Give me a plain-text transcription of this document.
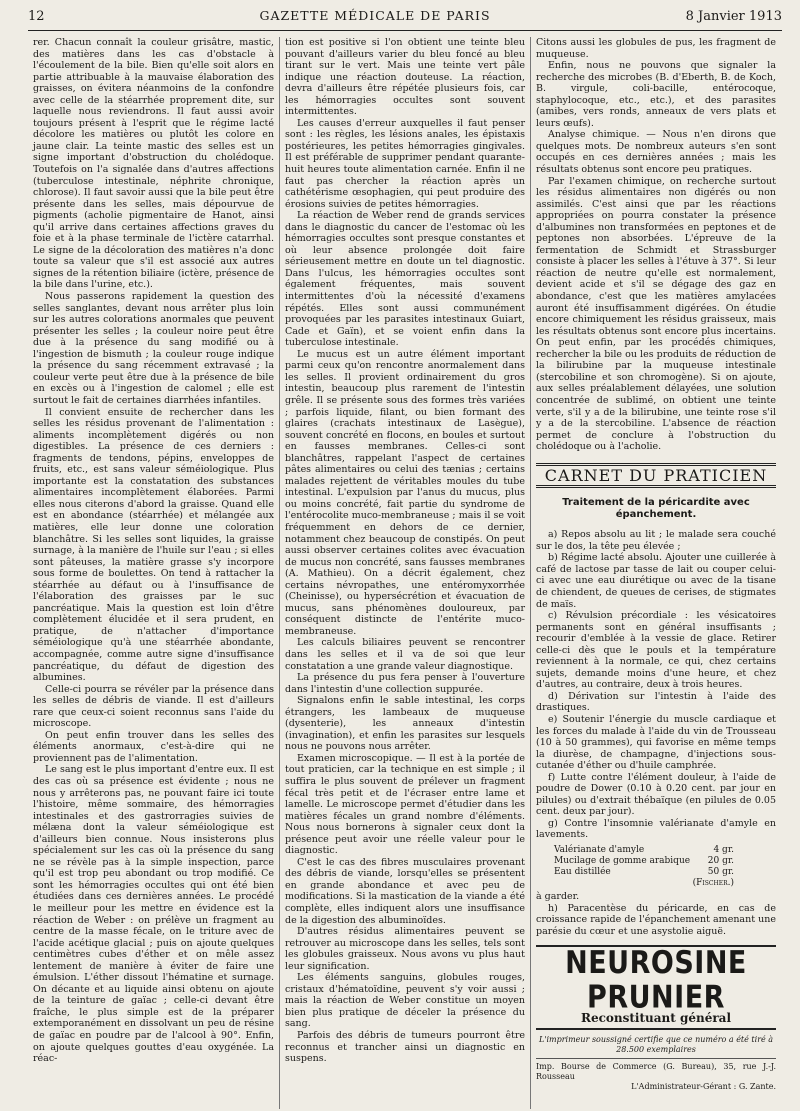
12	GAZETTE MÉDICALE DE PARIS	8 Janvier 1913

rer. Chacun connaît la couleur grisâtre, mastic, des matières dans les cas d'obstacle à l'écoulement de la bile. Bien qu'elle soit alors en partie attribuable à la mauvaise élaboration des graisses, on évitera néanmoins de la confondre avec celle de la stéarrhée proprement dite, sur laquelle nous reviendrons. Il faut aussi avoir toujours présent à l'esprit que le régime lacté décolore les matières ou plutôt les colore en jaune clair. La teinte mastic des selles est un signe important d'obstruction du cholédoque. Toutefois on l'a signalée dans d'autres affections (tuberculose intestinale, néphrite chronique, chlorose). Il faut savoir aussi que la bile peut être présente dans les selles, mais dépourvue de pigments (acholie pigmentaire de Hanot, ainsi qu'il arrive dans certaines affections graves du foie et à la phase terminale de l'ictère catarrhal. Le signe de la décoloration des matières n'a donc toute sa valeur que s'il est associé aux autres signes de la rétention biliaire (ictère, présence de la bile dans l'urine, etc.).

Nous passerons rapidement la question des selles sanglantes, devant nous arrêter plus loin sur les autres colorations anormales que peuvent présenter les selles ; la couleur noire peut être due à la présence du sang modifié ou à l'ingestion de bismuth ; la couleur rouge indique la présence du sang récemment extravasé ; la couleur verte peut être due à la présence de bile en excès ou à l'ingestion de calomel ; elle est surtout le fait de certaines diarrhées infantiles.

Il convient ensuite de rechercher dans les selles les résidus provenant de l'alimentation : aliments incomplètement digérés ou non digestibles. La présence de ces derniers : fragments de tendons, pépins, enveloppes de fruits, etc., est sans valeur séméiologique. Plus importante est la constatation des substances alimentaires incomplètement élaborées. Parmi elles nous citerons d'abord la graisse. Quand elle est en abondance (stéarrhée) et mélangée aux matières, elle leur donne une coloration blanchâtre. Si les selles sont liquides, la graisse surnage, à la manière de l'huile sur l'eau ; si elles sont pâteuses, la matière grasse s'y incorpore sous forme de boulettes. On tend à rattacher la stéarrhée au défaut ou à l'insuffisance de l'élaboration des graisses par le suc pancréatique. Mais la question est loin d'être complètement élucidée et il sera prudent, en pratique, de n'attacher d'importance séméiologique qu'à une stéarrhée abondante, accompagnée, comme autre signe d'insuffisance pancréatique, du défaut de digestion des albumines.

Celle-ci pourra se révéler par la présence dans les selles de débris de viande. Il est d'ailleurs rare que ceux-ci soient reconnus sans l'aide du microscope.

On peut enfin trouver dans les selles des éléments anormaux, c'est-à-dire qui ne proviennent pas de l'alimentation.

Le sang est le plus important d'entre eux. Il est des cas où sa présence est évidente ; nous ne nous y arrêterons pas, ne pouvant faire ici toute l'histoire, même sommaire, des hémorragies intestinales et des gastrorragies suivies de mélæna dont la valeur séméiologique est d'ailleurs bien connue. Nous insisterons plus spécialement sur les cas où la présence du sang ne se révèle pas à la simple inspection, parce qu'il est trop peu abondant ou trop modifié. Ce sont les hémorragies occultes qui ont été bien étudiées dans ces dernières années. Le procédé le meilleur pour les mettre en évidence est la réaction de Weber : on prélève un fragment au centre de la masse fécale, on le triture avec de l'acide acétique glacial ; puis on ajoute quelques centimètres cubes d'éther et on mêle assez lentement de manière à éviter de faire une émulsion. L'éther dissout l'hématine et surnage. On décante et au liquide ainsi obtenu on ajoute de la teinture de gaïac ; celle-ci devant être fraîche, le plus simple est de la préparer extemporanément en dissolvant un peu de résine de gaïac en poudre par de l'alcool à 90°. Enfin, on ajoute quelques gouttes d'eau oxygénée. La réac-

tion est positive si l'on obtient une teinte bleu pouvant d'ailleurs varier du bleu foncé au bleu tirant sur le vert. Mais une teinte vert pâle indique une réaction douteuse. La réaction, devra d'ailleurs être répétée plusieurs fois, car les hémorragies occultes sont souvent intermittentes.

Les causes d'erreur auxquelles il faut penser sont : les règles, les lésions anales, les épistaxis postérieures, les petites hémorragies gingivales. Il est préférable de supprimer pendant quarante-huit heures toute alimentation carnée. Enfin il ne faut pas chercher la réaction après un cathétérisme œsophagien, qui peut produire des érosions suivies de petites hémorragies.

La réaction de Weber rend de grands services dans le diagnostic du cancer de l'estomac où les hémorragies occultes sont presque constantes et où leur absence prolongée doit faire sérieusement mettre en doute un tel diagnostic. Dans l'ulcus, les hémorragies occultes sont également fréquentes, mais souvent intermittentes d'où la nécessité d'examens répétés. Elles sont aussi communément provoquées par les parasites intestinaux Guiart, Cade et Gaïn), et se voient enfin dans la tuberculose intestinale.

Le mucus est un autre élément important parmi ceux qu'on rencontre anormalement dans les selles. Il provient ordinairement du gros intestin, beaucoup plus rarement de l'intestin grêle. Il se présente sous des formes très variées ; parfois liquide, filant, ou bien formant des glaires (crachats intestinaux de Lasègue), souvent concrété en flocons, en boules et surtout en fausses membranes. Celles-ci sont blanchâtres, rappelant l'aspect de certaines pâtes alimentaires ou celui des tænias ; certains malades rejettent de véritables moules du tube intestinal. L'expulsion par l'anus du mucus, plus ou moins concrété, fait partie du syndrome de l'entérocolite muco-membraneuse ; mais il se voit fréquemment en dehors de ce dernier, notamment chez beaucoup de constipés. On peut aussi observer certaines colites avec évacuation de mucus non concrété, sans fausses membranes (A. Mathieu). On a décrit également, chez certains névropathes, une entéromyxorrhée (Cheinisse), ou hypersécrétion et évacuation de mucus, sans phénomènes douloureux, par conséquent distincte de l'entérite muco-membraneuse.

Les calculs biliaires peuvent se rencontrer dans les selles et il va de soi que leur constatation a une grande valeur diagnostique.

La présence du pus fera penser à l'ouverture dans l'intestin d'une collection suppurée.

Signalons enfin le sable intestinal, les corps étrangers, les lambeaux de muqueuse (dysenterie), les anneaux d'intestin (invagination), et enfin les parasites sur lesquels nous ne pouvons nous arrêter.

Examen microscopique. — Il est à la portée de tout praticien, car la technique en est simple ; il suffira le plus souvent de prélever un fragment fécal très petit et de l'écraser entre lame et lamelle. Le microscope permet d'étudier dans les matières fécales un grand nombre d'éléments. Nous nous bornerons à signaler ceux dont la présence peut avoir une réelle valeur pour le diagnostic.

C'est le cas des fibres musculaires provenant des débris de viande, lorsqu'elles se présentent en grande abondance et avec peu de modifications. Si la mastication de la viande a été complète, elles indiquent alors une insuffisance de la digestion des albuminoïdes.

D'autres résidus alimentaires peuvent se retrouver au microscope dans les selles, tels sont les globules graisseux. Nous avons vu plus haut leur signification.

Les éléments sanguins, globules rouges, cristaux d'hématoïdine, peuvent s'y voir aussi ; mais la réaction de Weber constitue un moyen bien plus pratique de déceler la présence du sang.

Parfois des débris de tumeurs pourront être reconnus et trancher ainsi un diagnostic en suspens.

Citons aussi les globules de pus, les fragment de muqueuse.

Enfin, nous ne pouvons que signaler la recherche des microbes (B. d'Eberth, B. de Koch, B. virgule, coli-bacille, entérocoque, staphylocoque, etc., etc.), et des parasites (amibes, vers ronds, anneaux de vers plats et leurs œufs).

Analyse chimique. — Nous n'en dirons que quelques mots. De nombreux auteurs s'en sont occupés en ces dernières années ; mais les résultats obtenus sont encore peu pratiques.

Par l'examen chimique, on recherche surtout les résidus alimentaires non digérés ou non assimilés. C'est ainsi que par les réactions appropriées on pourra constater la présence d'albumines non transformées en peptones et de peptones non absorbées. L'épreuve de la fermentation de Schmidt et Strassburger consiste à placer les selles à l'étuve à 37°. Si leur réaction de neutre qu'elle est normalement, devient acide et s'il se dégage des gaz en abondance, c'est que les matières amylacées auront été insuffisamment digérées. On étudie encore chimiquement les résidus graisseux, mais les résultats obtenus sont encore plus incertains. On peut enfin, par les procédés chimiques, rechercher la bile ou les produits de réduction de la bilirubine par la muqueuse intestinale (stercobiline et son chromogène). Si on ajoute, aux selles préalablement délayées, une solution concentrée de sublimé, on obtient une teinte verte, s'il y a de la bilirubine, une teinte rose s'il y a de la stercobiline. L'absence de réaction permet de conclure à l'obstruction du cholédoque ou à l'acholie.

CARNET DU PRATICIEN
Traitement de la péricardite avec épanchement.

a) Repos absolu au lit ; le malade sera couché sur le dos, la tête peu élevée ;

b) Régime lacté absolu. Ajouter une cuillerée à café de lactose par tasse de lait ou couper celui-ci avec une eau diurétique ou avec de la tisane de chiendent, de queues de cerises, de stigmates de maïs.

c) Révulsion précordiale : les vésicatoires permanents sont en général insuffisants ; recourir d'emblée à la vessie de glace. Retirer celle-ci dès que le pouls et la température reviennent à la normale, ce qui, chez certains sujets, demande moins d'une heure, et chez d'autres, au contraire, deux à trois heures.

d) Dérivation sur l'intestin à l'aide des drastiques.

e) Soutenir l'énergie du muscle cardiaque et les forces du malade à l'aide du vin de Trousseau (10 à 50 grammes), qui favorise en même temps la diurèse, de champagne, d'injections sous-cutanée d'éther ou d'huile camphrée.

f) Lutte contre l'élément douleur, à l'aide de poudre de Dower (0.10 à 0.20 cent. par jour en pilules) ou d'extrait thébaïque (en pilules de 0.05 cent. deux par jour).

g) Contre l'insomnie valérianate d'amyle en lavements.

Valérianate d'amyle	4 gr.
Mucilage de gomme arabique 20 gr.
Eau distillée	50 gr.
(Fischer.)

à garder.

h) Paracentèse du péricarde, en cas de croissance rapide de l'épanchement amenant une parésie du cœur et une asystolie aiguë.

NEUROSINE PRUNIER
Reconstituant général
L'imprimeur soussigné certifie que ce numéro a été tiré à 28.500 exemplaires
Imp. Bourse de Commerce (G. Bureau), 35, rue J.-J. Rousseau
L'Administrateur-Gérant : G. Zante.
